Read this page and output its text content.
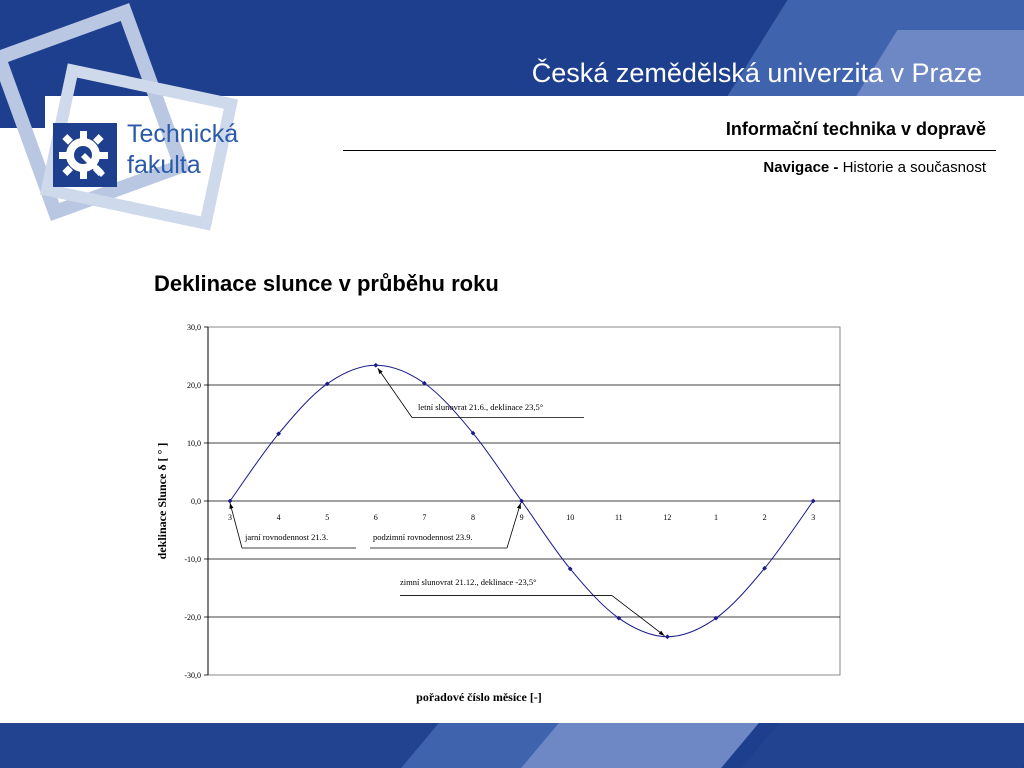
Česká zemědělská univerzita v Praze
Technická
fakulta
Informační technika v dopravě
Navigace - Historie a současnost
Deklinace slunce v průběhu roku
30,0
20,0
10,0
0,0
-10,0
-20,0
-30,0
3	4	5	6	7	8	9	10	11	12	1	2	3
letní slunovrat 21.6., deklinace 23,5°
jarní rovnodennost 21.3.	podzimní rovnodennost 23.9.
zimní slunovrat 21.12., deklinace -23,5°
pořadové číslo měsíce [-]
deklinace Slunce δ [ ° ]
